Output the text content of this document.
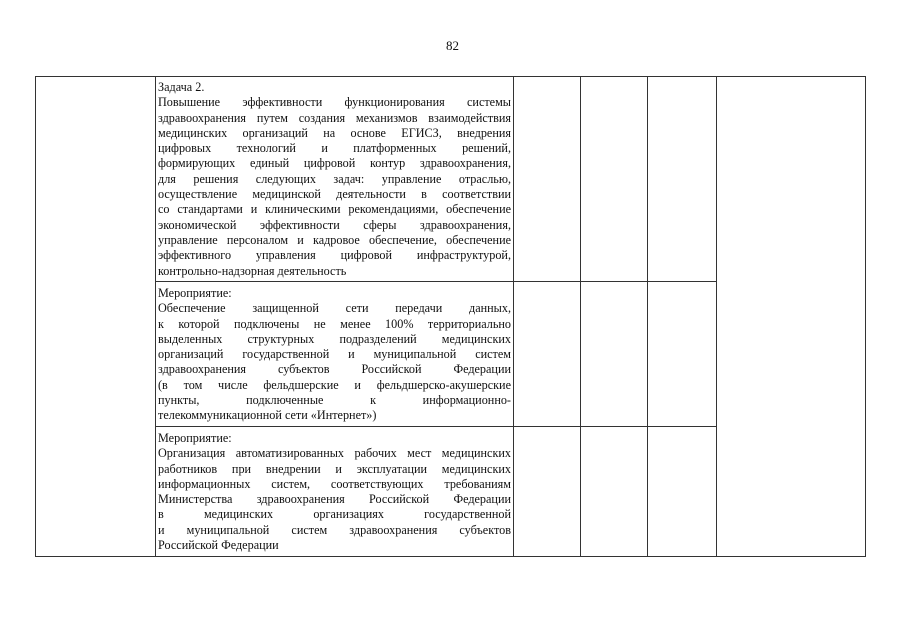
82
Задача 2.
Повышение эффективности функционирования системы
здравоохранения путем создания механизмов взаимодействия
медицинских организаций на основе ЕГИСЗ, внедрения
цифровых технологий и платформенных решений,
формирующих единый цифровой контур здравоохранения,
для решения следующих задач: управление отраслью,
осуществление медицинской деятельности в соответствии
со стандартами и клиническими рекомендациями, обеспечение
экономической эффективности сферы здравоохранения,
управление персоналом и кадровое обеспечение, обеспечение
эффективного управления цифровой инфраструктурой,
контрольно-надзорная деятельность
Мероприятие:
Обеспечение защищенной сети передачи данных,
к которой подключены не менее 100% территориально
выделенных структурных подразделений медицинских
организаций государственной и муниципальной систем
здравоохранения субъектов Российской Федерации
(в том числе фельдшерские и фельдшерско-акушерские
пункты, подключенные к информационно-
телекоммуникационной сети «Интернет»)
Мероприятие:
Организация автоматизированных рабочих мест медицинских
работников при внедрении и эксплуатации медицинских
информационных систем, соответствующих требованиям
Министерства здравоохранения Российской Федерации
в медицинских организациях государственной
и муниципальной систем здравоохранения субъектов
Российской Федерации
